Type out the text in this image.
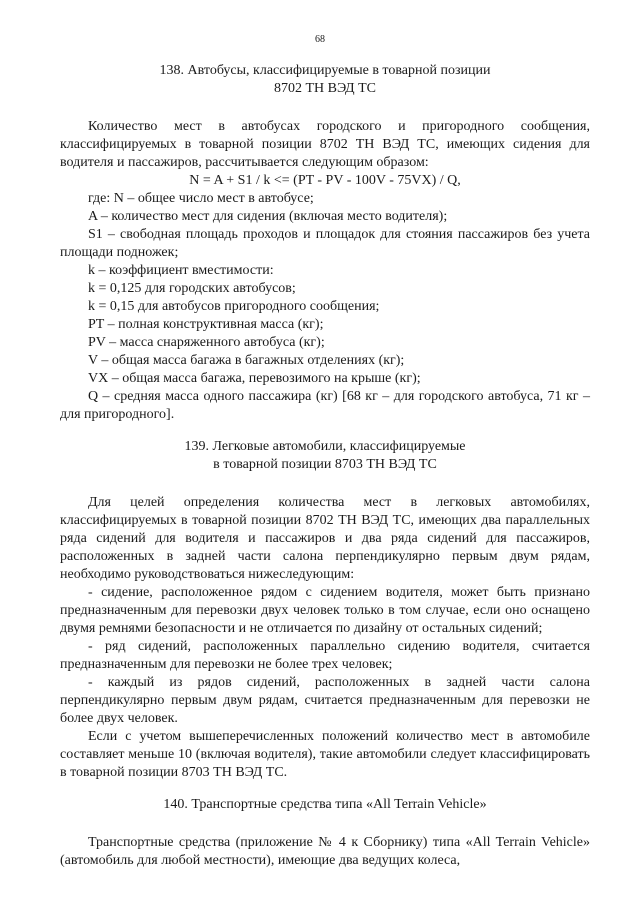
68

138. Автобусы, классифицируемые в товарной позиции

8702 ТН ВЭД ТС

Количество мест в автобусах городского и пригородного сообщения, классифицируемых в товарной позиции 8702 ТН ВЭД ТС, имеющих сидения для водителя и пассажиров, рассчитывается следующим образом:

N = A + S1 / k <= (PT - PV - 100V - 75VX) / Q,

где: N – общее число мест в автобусе;

A – количество мест для сидения (включая место водителя);

S1 – свободная площадь проходов и площадок для стояния пассажиров без учета площади подножек;

k – коэффициент вместимости:

k = 0,125 для городских автобусов;

k = 0,15 для автобусов пригородного сообщения;

PT – полная конструктивная масса (кг);

PV – масса снаряженного автобуса (кг);

V – общая масса багажа в багажных отделениях (кг);

VX – общая масса багажа, перевозимого на крыше (кг);

Q – средняя масса одного пассажира (кг) [68 кг – для городского автобуса, 71 кг – для пригородного].

139. Легковые автомобили, классифицируемые

в товарной позиции 8703 ТН ВЭД ТС

Для целей определения количества мест в легковых автомобилях, классифицируемых в товарной позиции 8702 ТН ВЭД ТС, имеющих два параллельных ряда сидений для водителя и пассажиров и два ряда сидений для пассажиров, расположенных в задней части салона перпендикулярно первым двум рядам, необходимо руководствоваться нижеследующим:

- сидение, расположенное рядом с сидением водителя, может быть признано предназначенным для перевозки двух человек только в том случае, если оно оснащено двумя ремнями безопасности и не отличается по дизайну от остальных сидений;

- ряд сидений, расположенных параллельно сидению водителя, считается предназначенным для перевозки не более трех человек;

- каждый из рядов сидений, расположенных в задней части салона перпендикулярно первым двум рядам, считается предназначенным для перевозки не более двух человек.

Если с учетом вышеперечисленных положений количество мест в автомобиле составляет меньше 10 (включая водителя), такие автомобили следует классифицировать в товарной позиции 8703 ТН ВЭД ТС.

140. Транспортные средства типа «All Terrain Vehicle»

Транспортные средства (приложение № 4 к Сборнику) типа «All Terrain Vehicle» (автомобиль для любой местности), имеющие два ведущих колеса,
